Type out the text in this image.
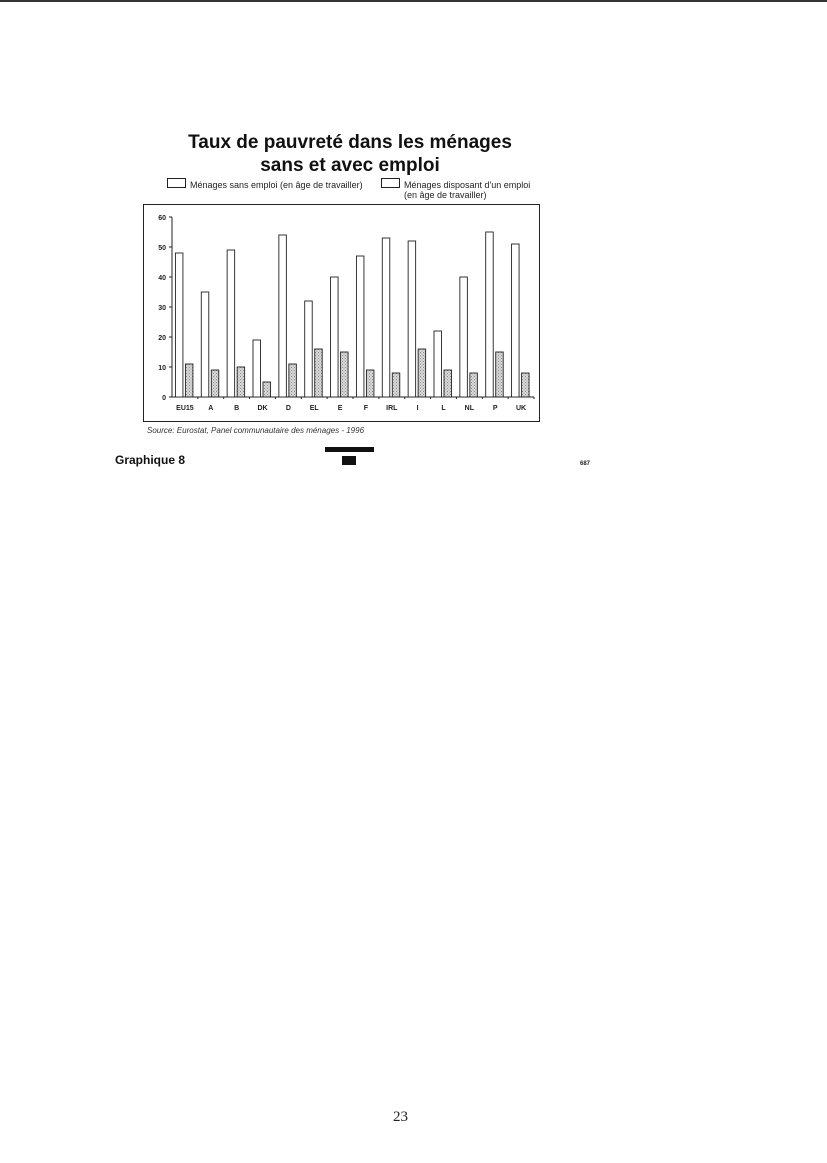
Taux de pauvreté dans les ménages
sans et avec emploi
Ménages sans emploi (en âge de travailler)	Ménages disposant d'un emploi (en âge de travailler)
0
10
20
30
40
50
60
EU15 A	B	DK	D	EL	E	F	IRL	I	L	NL	P	UK
Source: Eurostat, Panel communautaire des ménages - 1996
Graphique 8	687
23
